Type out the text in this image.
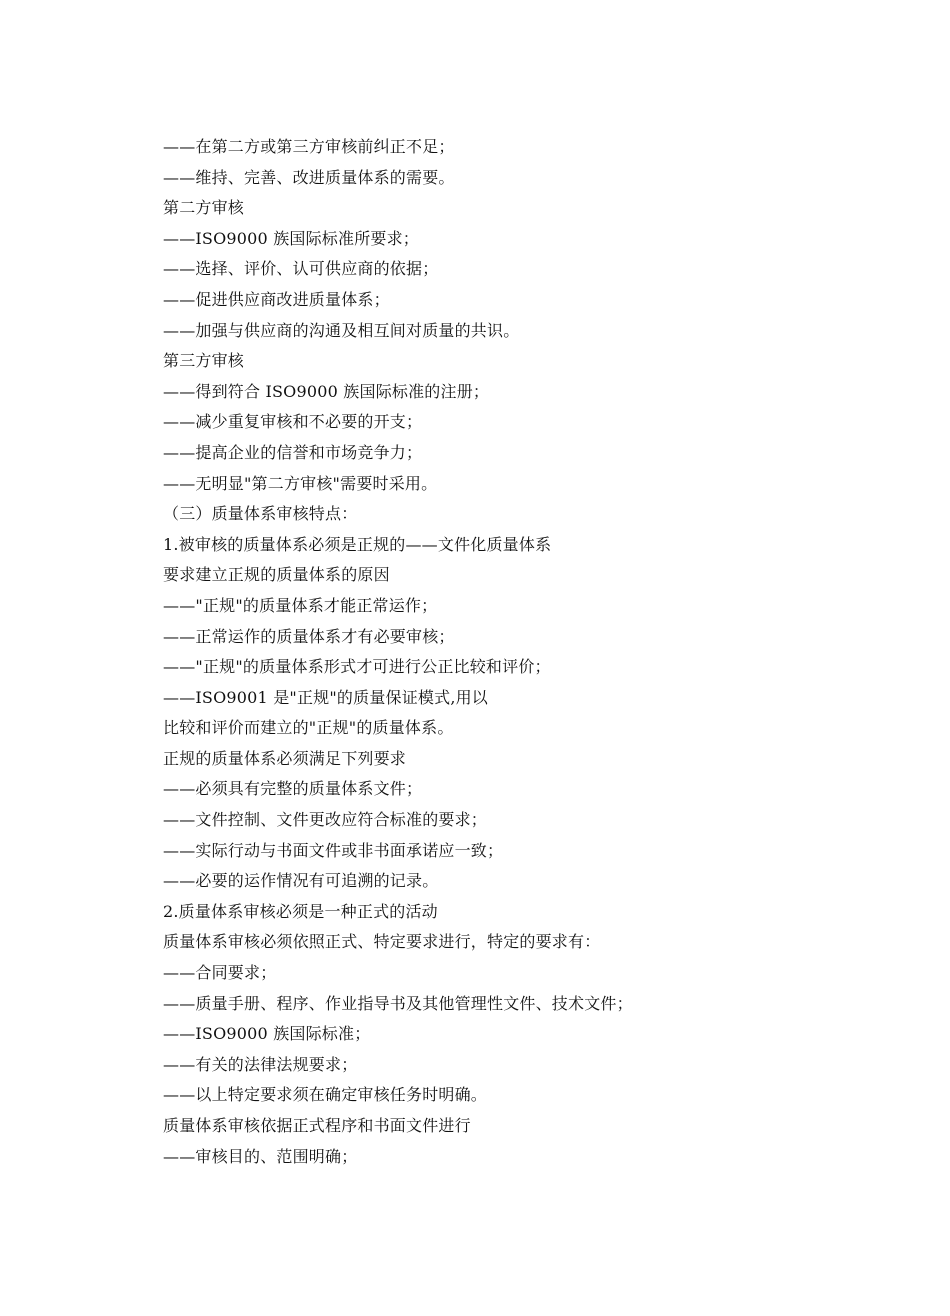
——在第二方或第三方审核前纠正不足；
——维持、完善、改进质量体系的需要。
第二方审核
——ISO9000 族国际标准所要求；
——选择、评价、认可供应商的依据；
——促进供应商改进质量体系；
——加强与供应商的沟通及相互间对质量的共识。
第三方审核
——得到符合 ISO9000 族国际标准的注册；
——减少重复审核和不必要的开支；
——提高企业的信誉和市场竞争力；
——无明显"第二方审核"需要时采用。
（三）质量体系审核特点：
1.被审核的质量体系必须是正规的——文件化质量体系
要求建立正规的质量体系的原因
——"正规"的质量体系才能正常运作；
——正常运作的质量体系才有必要审核；
——"正规"的质量体系形式才可进行公正比较和评价；
——ISO9001 是"正规"的质量保证模式,用以
比较和评价而建立的"正规"的质量体系。
正规的质量体系必须满足下列要求
——必须具有完整的质量体系文件；
——文件控制、文件更改应符合标准的要求；
——实际行动与书面文件或非书面承诺应一致；
——必要的运作情况有可追溯的记录。
2.质量体系审核必须是一种正式的活动
质量体系审核必须依照正式、特定要求进行，特定的要求有：
——合同要求；
——质量手册、程序、作业指导书及其他管理性文件、技术文件；
——ISO9000 族国际标准；
——有关的法律法规要求；
——以上特定要求须在确定审核任务时明确。
质量体系审核依据正式程序和书面文件进行
——审核目的、范围明确；
